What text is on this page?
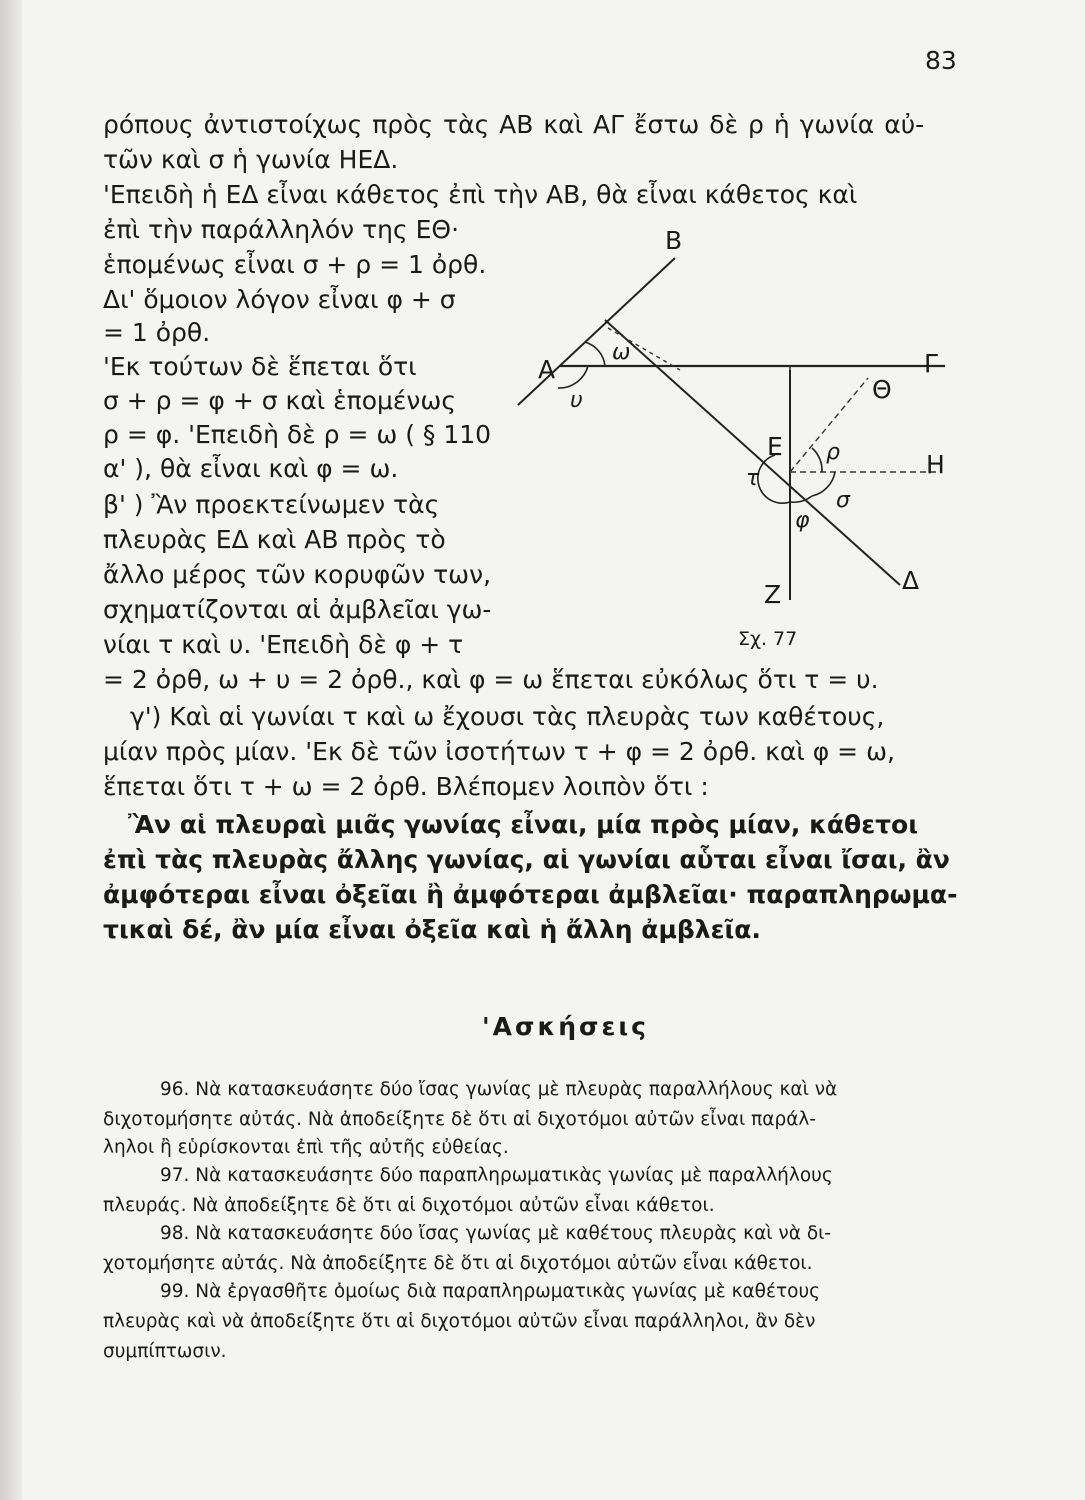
83
ρόπους ἀντιστοίχως πρὸς τὰς ΑΒ καὶ ΑΓ ἔστω δὲ ρ ἡ γωνία αὐ-
τῶν καὶ σ ἡ γωνία ΗΕΔ.
'Επειδὴ ἡ ΕΔ εἶναι κάθετος ἐπὶ τὴν ΑΒ, θὰ εἶναι κάθετος καὶ
ἐπὶ τὴν παράλληλόν της ΕΘ·
ἑπομένως εἶναι σ + ρ = 1 ὀρθ.
Δι' ὅμοιον λόγον εἶναι φ + σ
= 1 ὀρθ.
'Εκ τούτων δὲ ἕπεται ὅτι
σ + ρ = φ + σ καὶ ἑπομένως
ρ = φ. 'Επειδὴ δὲ ρ = ω ( § 110
α' ), θὰ εἶναι καὶ φ = ω.
β' ) Ἂν προεκτείνωμεν τὰς
πλευρὰς ΕΔ καὶ ΑΒ πρὸς τὸ
ἄλλο μέρος τῶν κορυφῶν των,
σχηματίζονται αἱ ἀμβλεῖαι γω-
νίαι τ καὶ υ. 'Επειδὴ δὲ φ + τ
= 2 ὀρθ, ω + υ = 2 ὀρθ., καὶ φ = ω ἕπεται εὐκόλως ὅτι τ = υ.
γ') Καὶ αἱ γωνίαι τ καὶ ω ἔχουσι τὰς πλευρὰς των καθέτους,
μίαν πρὸς μίαν. 'Εκ δὲ τῶν ἰσοτήτων τ + φ = 2 ὀρθ. καὶ φ = ω,
ἕπεται ὅτι τ + ω = 2 ὀρθ. Βλέπομεν λοιπὸν ὅτι :
Ἂν αἱ πλευραὶ μιᾶς γωνίας εἶναι, μία πρὸς μίαν, κάθετοι
ἐπὶ τὰς πλευρὰς ἄλλης γωνίας, αἱ γωνίαι αὗται εἶναι ἴσαι, ἂν
ἀμφότεραι εἶναι ὀξεῖαι ἢ ἀμφότεραι ἀμβλεῖαι· παραπληρωμα-
τικαὶ δέ, ἂν μία εἶναι ὀξεῖα καὶ ἡ ἄλλη ἀμβλεῖα.
'Ασκήσεις
96. Νὰ κατασκευάσητε δύο ἴσας γωνίας μὲ πλευρὰς παραλλήλους καὶ νὰ
διχοτομήσητε αὐτάς. Νὰ ἀποδείξητε δὲ ὅτι αἱ διχοτόμοι αὐτῶν εἶναι παράλ-
ληλοι ἢ εὑρίσκονται ἐπὶ τῆς αὐτῆς εὐθείας.
97. Νὰ κατασκευάσητε δύο παραπληρωματικὰς γωνίας μὲ παραλλήλους
πλευράς. Νὰ ἀποδείξητε δὲ ὅτι αἱ διχοτόμοι αὐτῶν εἶναι κάθετοι.
98. Νὰ κατασκευάσητε δύο ἴσας γωνίας μὲ καθέτους πλευρὰς καὶ νὰ δι-
χοτομήσητε αὐτάς. Νὰ ἀποδείξητε δὲ ὅτι αἱ διχοτόμοι αὐτῶν εἶναι κάθετοι.
99. Νὰ ἐργασθῆτε ὁμοίως διὰ παραπληρωματικὰς γωνίας μὲ καθέτους
πλευρὰς καὶ νὰ ἀποδείξητε ὅτι αἱ διχοτόμοι αὐτῶν εἶναι παράλληλοι, ἂν δὲν
συμπίπτωσιν.
Α
Β
Γ
Ε
Η
Θ
Δ
Ζ
ω
υ
ρ
σ
φ
τ
Σχ. 77
